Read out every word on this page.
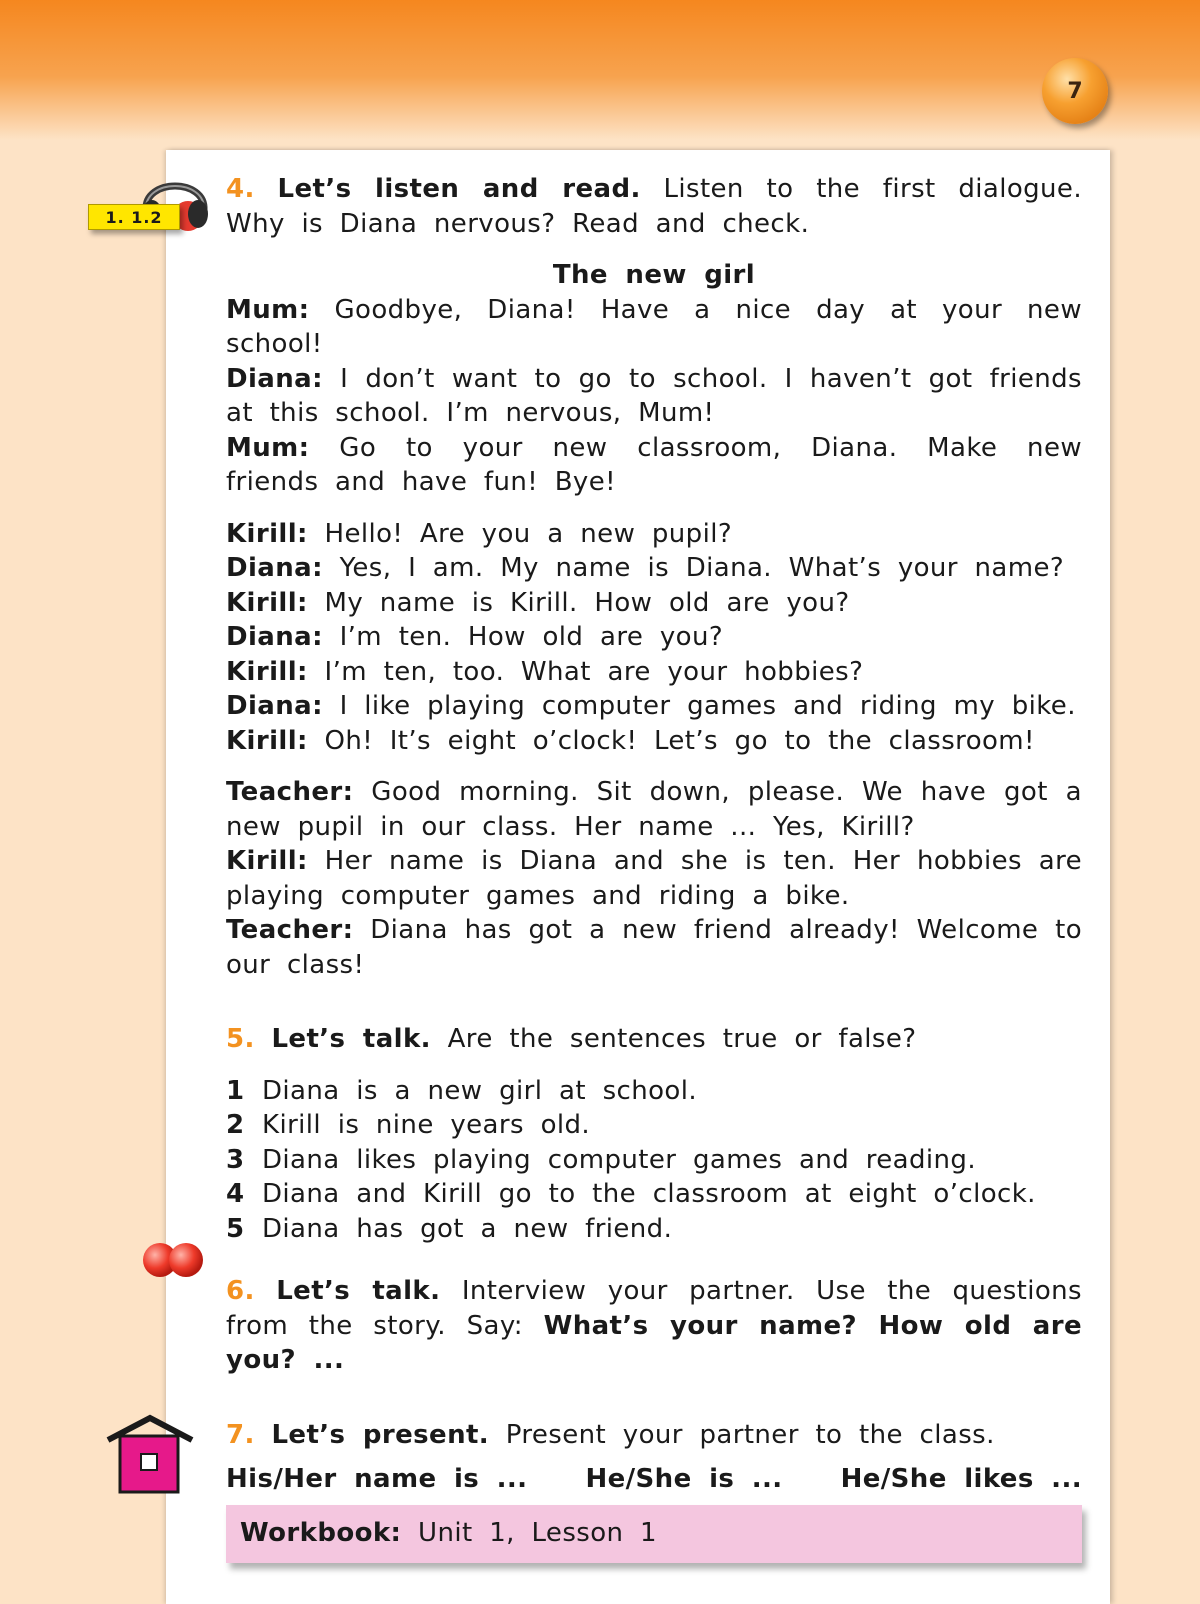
7
1. 1.2

4. Let’s listen and read. Listen to the first dialogue. Why is Diana nervous? Read and check.

The new girl

Mum: Goodbye, Diana! Have a nice day at your new school!

Diana: I don’t want to go to school. I haven’t got friends at this school. I’m nervous, Mum!

Mum: Go to your new classroom, Diana. Make new friends and have fun! Bye!

Kirill: Hello! Are you a new pupil?

Diana: Yes, I am. My name is Diana. What’s your name?

Kirill: My name is Kirill. How old are you?

Diana: I’m ten. How old are you?

Kirill: I’m ten, too. What are your hobbies?

Diana: I like playing computer games and riding my bike.

Kirill: Oh! It’s eight o’clock! Let’s go to the classroom!

Teacher: Good morning. Sit down, please. We have got a new pupil in our class. Her name ... Yes, Kirill?

Kirill: Her name is Diana and she is ten. Her hobbies are playing computer games and riding a bike.

Teacher: Diana has got a new friend already! Welcome to our class!

5. Let’s talk. Are the sentences true or false?

1 Diana is a new girl at school.

2 Kirill is nine years old.

3 Diana likes playing computer games and reading.

4 Diana and Kirill go to the classroom at eight o’clock.

5 Diana has got a new friend.

6. Let’s talk. Interview your partner. Use the questions from the story. Say: What’s your name? How old are you? ...

7. Let’s present. Present your partner to the class.

His/Her name is ... He/She is ... He/She likes ...
Workbook:
Unit 1, Lesson 1
